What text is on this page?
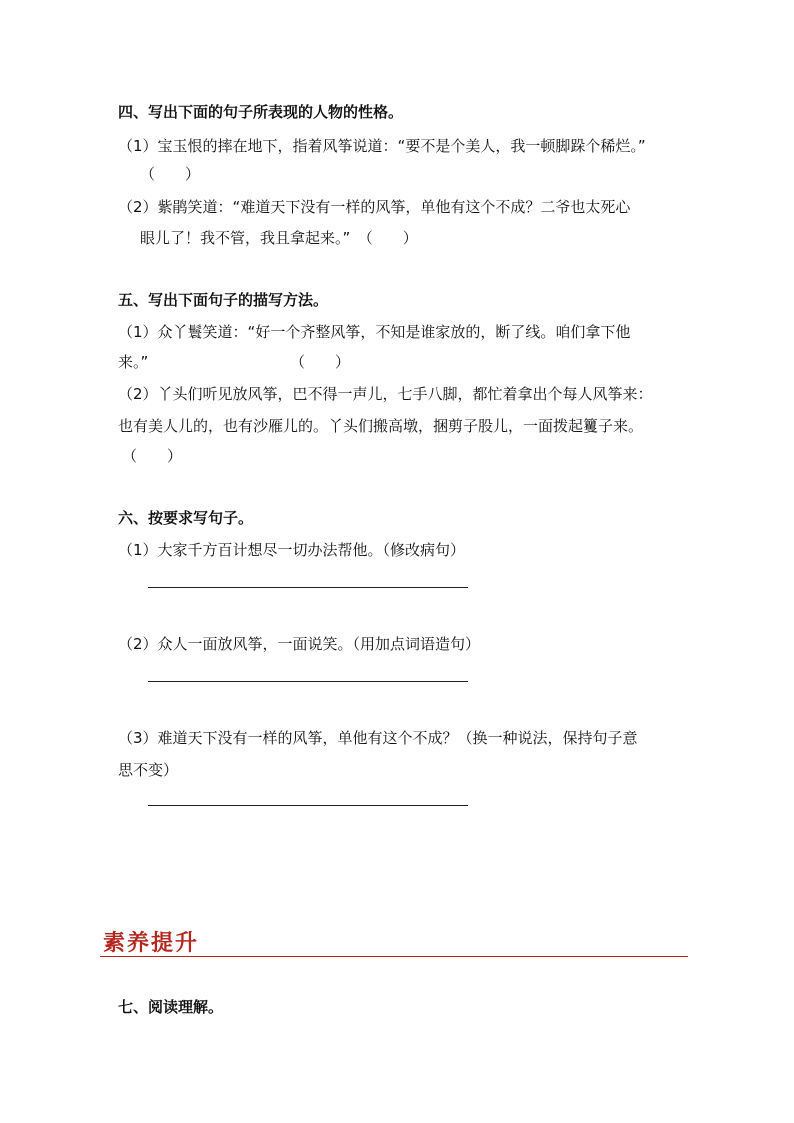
四、写出下面的句子所表现的人物的性格。
（1）宝玉恨的摔在地下，指着风筝说道：“要不是个美人，我一顿脚跺个稀烂。”
（　　）
（2）紫鹃笑道：“难道天下没有一样的风筝，单他有这个不成？二爷也太死心
眼儿了！我不管，我且拿起来。”　（　　）
五、写出下面句子的描写方法。
（1）众丫鬟笑道：“好一个齐整风筝，不知是谁家放的，断了线。咱们拿下他
来。”	（　　）
（2）丫头们听见放风筝，巴不得一声儿，七手八脚，都忙着拿出个每人风筝来：
也有美人儿的，也有沙雁儿的。丫头们搬高墩，捆剪子股儿，一面拨起籰子来。
（　　）
六、按要求写句子。
（1）大家千方百计想尽一切办法帮他。（修改病句）
（2）众人一面放风筝，一面说笑。（用加点词语造句）
（3）难道天下没有一样的风筝，单他有这个不成？（换一种说法，保持句子意
思不变）
素养提升
七、阅读理解。
